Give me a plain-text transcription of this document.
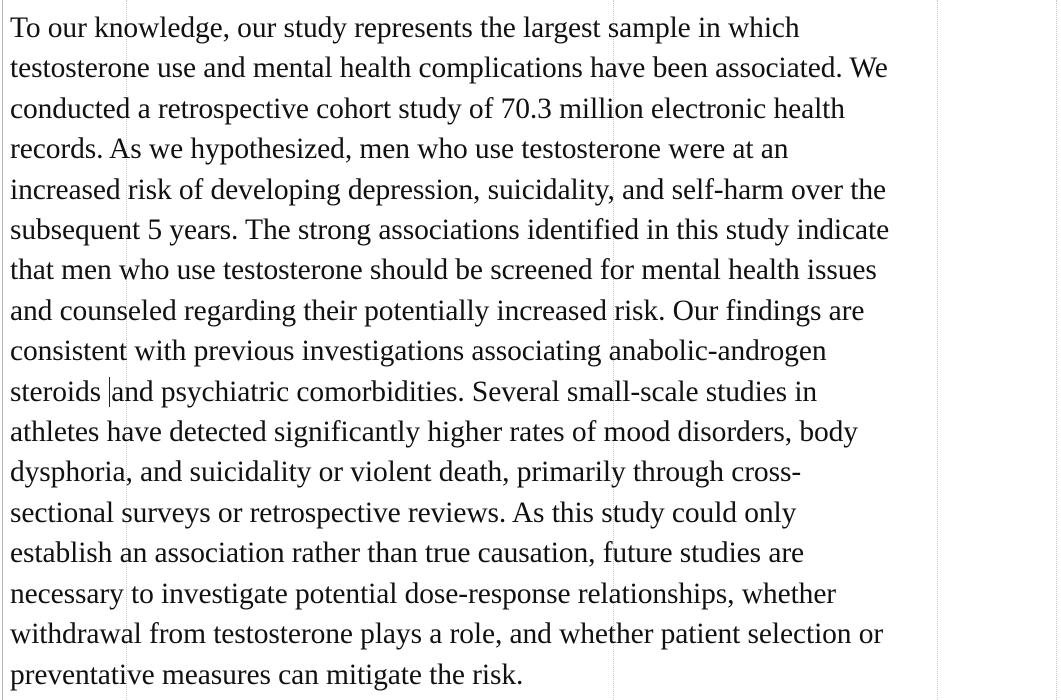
To our knowledge, our study represents the largest sample in which
testosterone use and mental health complications have been associated. We
conducted a retrospective cohort study of 70.3 million electronic health
records. As we hypothesized, men who use testosterone were at an
increased risk of developing depression, suicidality, and self-harm over the
subsequent 5 years. The strong associations identified in this study indicate
that men who use testosterone should be screened for mental health issues
and counseled regarding their potentially increased risk. Our findings are
consistent with previous investigations associating anabolic-androgen
steroids and psychiatric comorbidities. Several small-scale studies in
athletes have detected significantly higher rates of mood disorders, body
dysphoria, and suicidality or violent death, primarily through cross-
sectional surveys or retrospective reviews. As this study could only
establish an association rather than true causation, future studies are
necessary to investigate potential dose-response relationships, whether
withdrawal from testosterone plays a role, and whether patient selection or
preventative measures can mitigate the risk.
